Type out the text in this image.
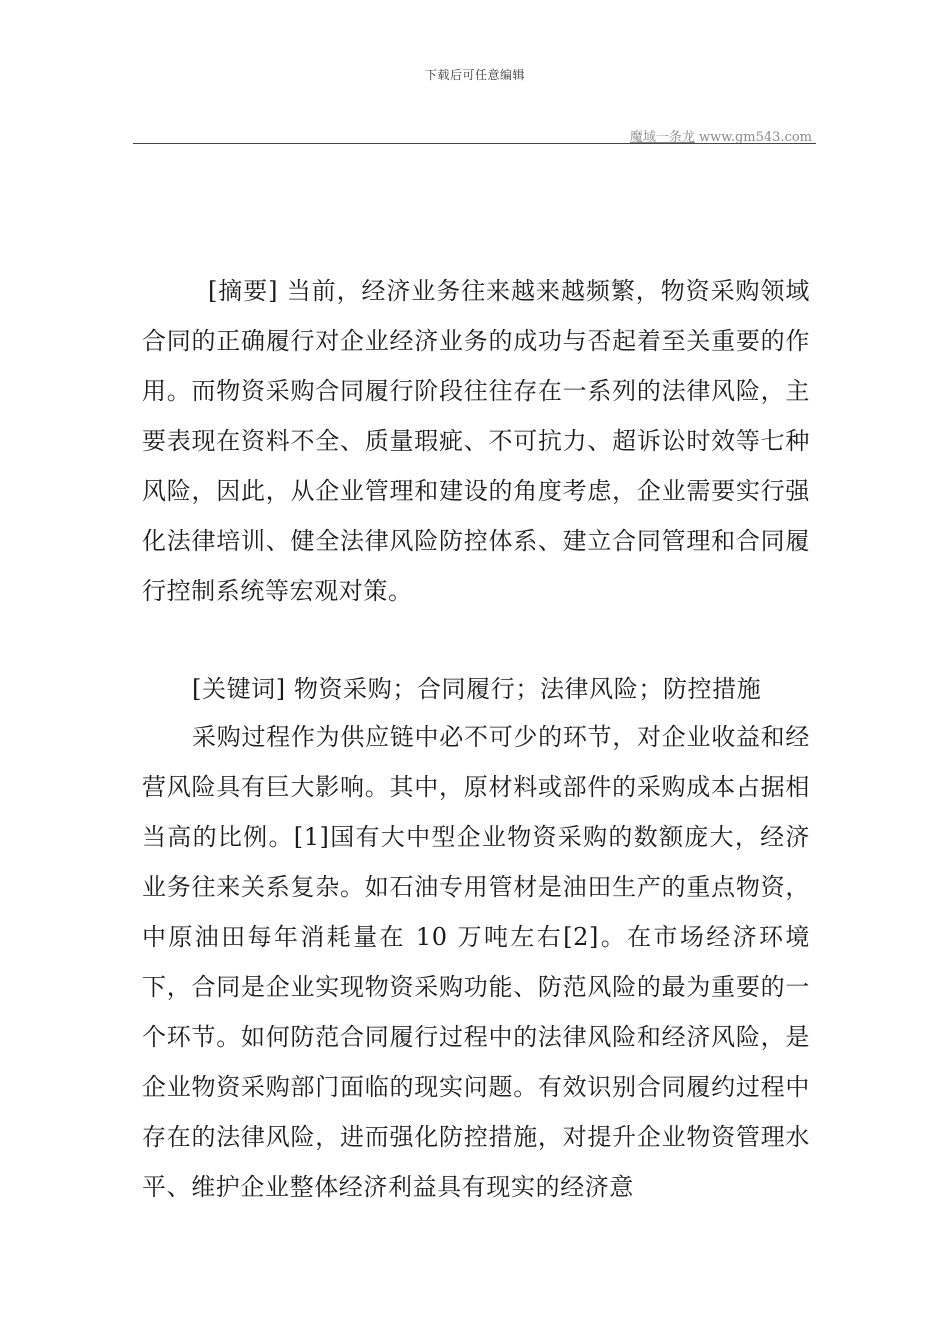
下载后可任意编辑
魔域一条龙 www.gm543.com

[摘要] 当前，经济业务往来越来越频繁，物资采购领域合同的正确履行对企业经济业务的成功与否起着至关重要的作用。而物资采购合同履行阶段往往存在一系列的法律风险，主要表现在资料不全、质量瑕疵、不可抗力、超诉讼时效等七种风险，因此，从企业管理和建设的角度考虑，企业需要实行强化法律培训、健全法律风险防控体系、建立合同管理和合同履行控制系统等宏观对策。

[关键词] 物资采购；合同履行；法律风险；防控措施

采购过程作为供应链中必不可少的环节，对企业收益和经营风险具有巨大影响。其中，原材料或部件的采购成本占据相当高的比例。[1]国有大中型企业物资采购的数额庞大，经济业务往来关系复杂。如石油专用管材是油田生产的重点物资，中原油田每年消耗量在 10 万吨左右[2]。在市场经济环境下，合同是企业实现物资采购功能、防范风险的最为重要的一个环节。如何防范合同履行过程中的法律风险和经济风险，是企业物资采购部门面临的现实问题。有效识别合同履约过程中存在的法律风险，进而强化防控措施，对提升企业物资管理水平、维护企业整体经济利益具有现实的经济意
